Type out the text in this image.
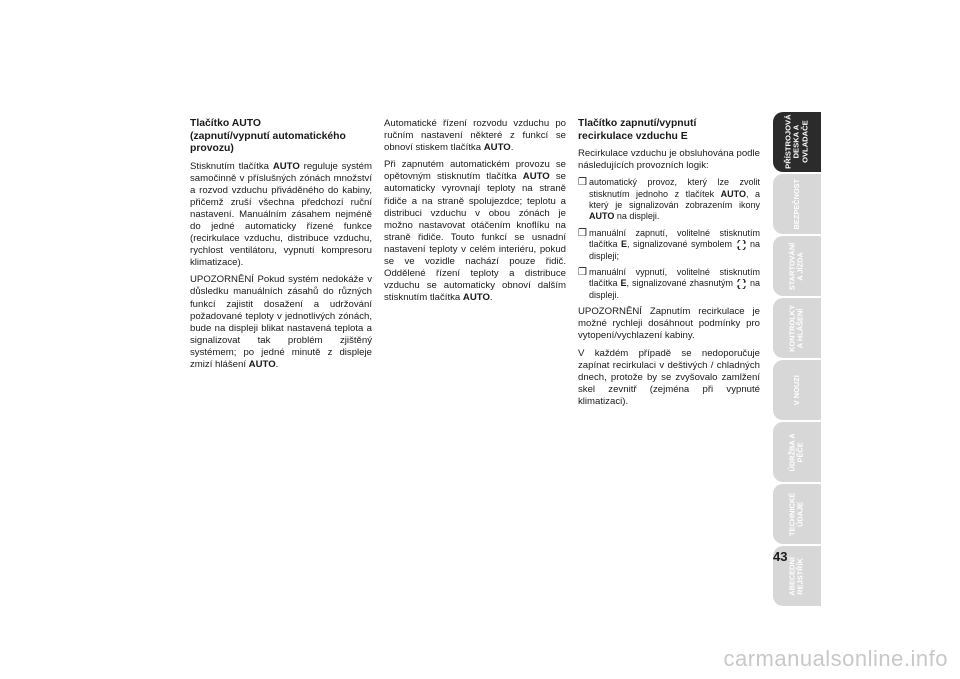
Tlačítko AUTO
(zapnutí/vypnutí automatického
provozu)

Stisknutím tlačítka AUTO reguluje systém samočinně v příslušných zónách množství a rozvod vzduchu přiváděného do kabiny, přičemž zruší všechna předchozí ruční nastavení. Manuálním zásahem nejméně do jedné automaticky řízené funkce (recirkulace vzduchu, distribuce vzduchu, rychlost ventilátoru, vypnutí kompresoru klimatizace).

UPOZORNĚNÍ Pokud systém nedokáže v důsledku manuálních zásahů do různých funkcí zajistit dosažení a udržování požadované teploty v jednotlivých zónách, bude na displeji blikat nastavená teplota a signalizovat tak problém zjištěný systémem; po jedné minutě z displeje zmizí hlášení AUTO.

Automatické řízení rozvodu vzduchu po ručním nastavení některé z funkcí se obnoví stiskem tlačítka AUTO.

Při zapnutém automatickém provozu se opětovným stisknutím tlačítka AUTO se automaticky vyrovnají teploty na straně řidiče a na straně spolujezdce; teplotu a distribuci vzduchu v obou zónách je možno nastavovat otáčením knoflíku na straně řidiče. Touto funkcí se usnadní nastavení teploty v celém interiéru, pokud se ve vozidle nachází pouze řidič. Oddělené řízení teploty a distribuce vzduchu se automaticky obnoví dalším stisknutím tlačítka AUTO.

Tlačítko zapnutí/vypnutí
recirkulace vzduchu E

Recirkulace vzduchu je obsluhována podle následujících provozních logik:

❒ automatický provoz, který lze zvolit stisknutím jednoho z tlačítek AUTO, a který je signalizován zobrazením ikony AUTO na displeji.
❒ manuální zapnutí, volitelné stisknutím tlačítka E, signalizované symbolem  na displeji;
❒ manuální vypnutí, volitelné stisknutím tlačítka E, signalizované zhasnutým  na displeji.

UPOZORNĚNÍ Zapnutím recirkulace je možné rychleji dosáhnout podmínky pro vytopení/vychlazení kabiny.

V každém případě se nedoporučuje zapínat recirkulaci v deštivých / chladných dnech, protože by se zvyšovalo zamlžení skel zevnitř (zejména při vypnuté klimatizaci).

PŘÍSTROJOVÁ DESKA A OVLADAČE
BEZPEČNOST
STARTOVÁNÍ A JÍZDA
KONTROLKY A HLÁŠENÍ
V NOUZI
ÚDRŽBA A PÉČE
TECHNICKÉ ÚDAJE
ABECEDNÍ REJSTŘÍK
43
carmanualsonline.info
